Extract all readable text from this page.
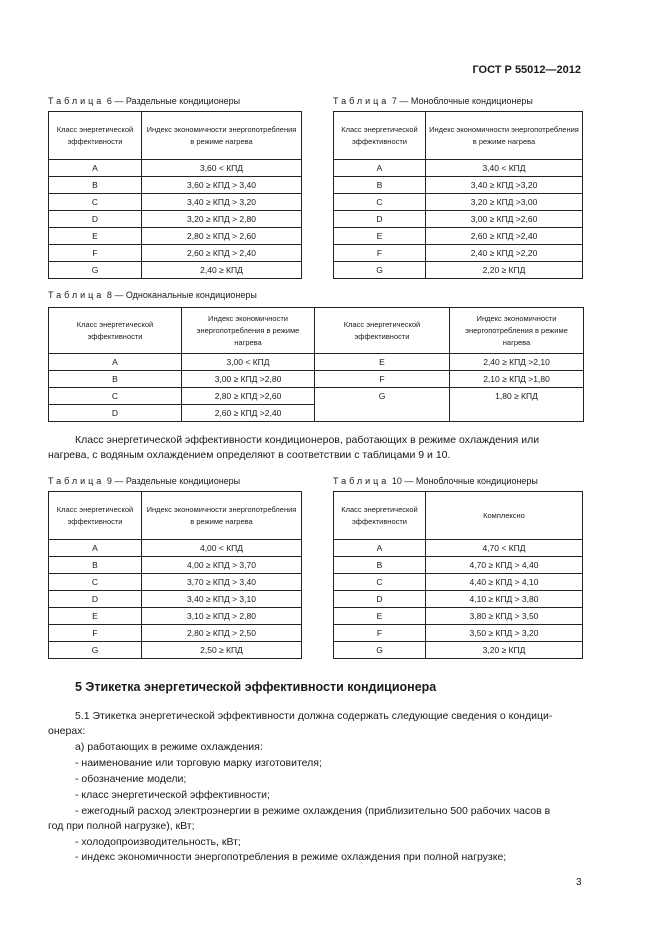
ГОСТ Р 55012—2012
Таблица 6 — Раздельные кондиционеры
Класс энергетической эффективности	Индекс экономичности энергопотребления в режиме нагрева
A	3,60 < КПД
B	3,60 ≥ КПД > 3,40
C	3,40 ≥ КПД > 3,20
D	3,20 ≥ КПД > 2,80
E	2,80 ≥ КПД > 2,60
F	2,60 ≥ КПД > 2,40
G	2,40 ≥ КПД
Таблица 7 — Моноблочные кондиционеры
Класс энергетической эффективности	Индекс экономичности энергопотребления в режиме нагрева
A	3,40 < КПД
B	3,40 ≥ КПД >3,20
C	3,20 ≥ КПД >3,00
D	3,00 ≥ КПД >2,60
E	2,60 ≥ КПД >2,40
F	2,40 ≥ КПД >2,20
G	2,20 ≥ КПД
Таблица 8 — Одноканальные кондиционеры
Класс энергетической эффективности	Индекс экономичности энергопотребления в режиме нагрева	Класс энергетической эффективности	Индекс экономичности энергопотребления в режиме нагрева
A	3,00 < КПД	E	2,40 ≥ КПД >2,10
B	3,00 ≥ КПД >2,80	F	2,10 ≥ КПД >1,80
C	2,80 ≥ КПД >2,60	G	1,80 ≥ КПД
D	2,60 ≥ КПД >2,40		
Класс энергетической эффективности кондиционеров, работающих в режиме охлаждения или
нагрева, с водяным охлаждением определяют в соответствии с таблицами 9 и 10.
Таблица 9 — Раздельные кондиционеры
Класс энергетической эффективности	Индекс экономичности энергопотребления в режиме нагрева
A	4,00 < КПД
B	4,00 ≥ КПД > 3,70
C	3,70 ≥ КПД > 3,40
D	3,40 ≥ КПД > 3,10
E	3,10 ≥ КПД > 2,80
F	2,80 ≥ КПД > 2,50
G	2,50 ≥ КПД
Таблица 10 — Моноблочные кондиционеры
Класс энергетической эффективности	Комплексно
A	4,70 < КПД
B	4,70 ≥ КПД > 4,40
C	4,40 ≥ КПД > 4,10
D	4,10 ≥ КПД > 3,80
E	3,80 ≥ КПД > 3,50
F	3,50 ≥ КПД > 3,20
G	3,20 ≥ КПД
5 Этикетка энергетической эффективности кондиционера
5.1 Этикетка энергетической эффективности должна содержать следующие сведения о кондици-
онерах:
а) работающих в режиме охлаждения:
- наименование или торговую марку изготовителя;
- обозначение модели;
- класс энергетической эффективности;
- ежегодный расход электроэнергии в режиме охлаждения (приблизительно 500 рабочих часов в
год при полной нагрузке), кВт;
- холодопроизводительность, кВт;
- индекс экономичности энергопотребления в режиме охлаждения при полной нагрузке;
3
